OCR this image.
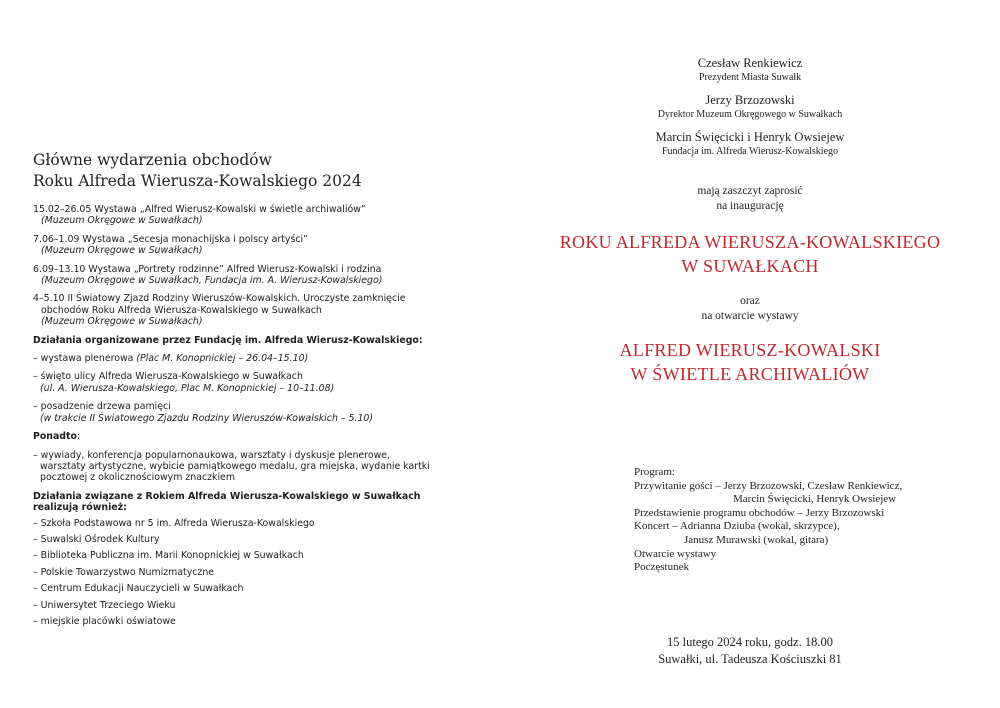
Główne wydarzenia obchodów
Roku Alfreda Wierusza-Kowalskiego 2024
15.02–26.05 Wystawa „Alfred Wierusz-Kowalski w świetle archiwaliów”
(Muzeum Okręgowe w Suwałkach)
7.06–1.09 Wystawa „Secesja monachijska i polscy artyści”
(Muzeum Okręgowe w Suwałkach)
6.09–13.10 Wystawa „Portrety rodzinne” Alfred Wierusz-Kowalski i rodzina
(Muzeum Okręgowe w Suwałkach, Fundacja im. A. Wierusz-Kowalskiego)
4–5.10 II Światowy Zjazd Rodziny Wieruszów-Kowalskich. Uroczyste zamknięcie
obchodów Roku Alfreda Wierusza-Kowalskiego w Suwałkach
(Muzeum Okręgowe w Suwałkach)
Działania organizowane przez Fundację im. Alfreda Wierusz-Kowalskiego:
– wystawa plenerowa (Plac M. Konopnickiej – 26.04–15.10)
– święto ulicy Alfreda Wierusza-Kowalskiego w Suwałkach
(ul. A. Wierusza-Kowalskiego, Plac M. Konopnickiej – 10–11.08)
– posadzenie drzewa pamięci
(w trakcie II Światowego Zjazdu Rodziny Wieruszów-Kowalskich – 5.10)
Ponadto:
– wywiady, konferencja popularnonaukowa, warsztaty i dyskusje plenerowe,
warsztaty artystyczne, wybicie pamiątkowego medalu, gra miejska, wydanie kartki
pocztowej z okolicznościowym znaczkiem
Działania związane z Rokiem Alfreda Wierusza-Kowalskiego w Suwałkach
realizują również:
– Szkoła Podstawowa nr 5 im. Alfreda Wierusza-Kowalskiego
– Suwalski Ośrodek Kultury
– Biblioteka Publiczna im. Marii Konopnickiej w Suwałkach
– Polskie Towarzystwo Numizmatyczne
– Centrum Edukacji Nauczycieli w Suwałkach
– Uniwersytet Trzeciego Wieku
– miejskie placówki oświatowe
Czesław Renkiewicz
Prezydent Miasta Suwałk
Jerzy Brzozowski
Dyrektor Muzeum Okręgowego w Suwałkach
Marcin Święcicki i Henryk Owsiejew
Fundacja im. Alfreda Wierusz-Kowalskiego
mają zaszczyt zaprosić
na inaugurację
ROKU ALFREDA WIERUSZA-KOWALSKIEGO
W SUWAŁKACH
oraz
na otwarcie wystawy
ALFRED WIERUSZ-KOWALSKI
W ŚWIETLE ARCHIWALIÓW
Program:
Przywitanie gości – Jerzy Brzozowski, Czesław Renkiewicz,
Marcin Święcicki, Henryk Owsiejew
Przedstawienie programu obchodów – Jerzy Brzozowski
Koncert – Adrianna Dziuba (wokal, skrzypce),
Janusz Murawski (wokal, gitara)
Otwarcie wystawy
Poczęstunek
15 lutego 2024 roku, godz. 18.00
Suwałki, ul. Tadeusza Kościuszki 81
